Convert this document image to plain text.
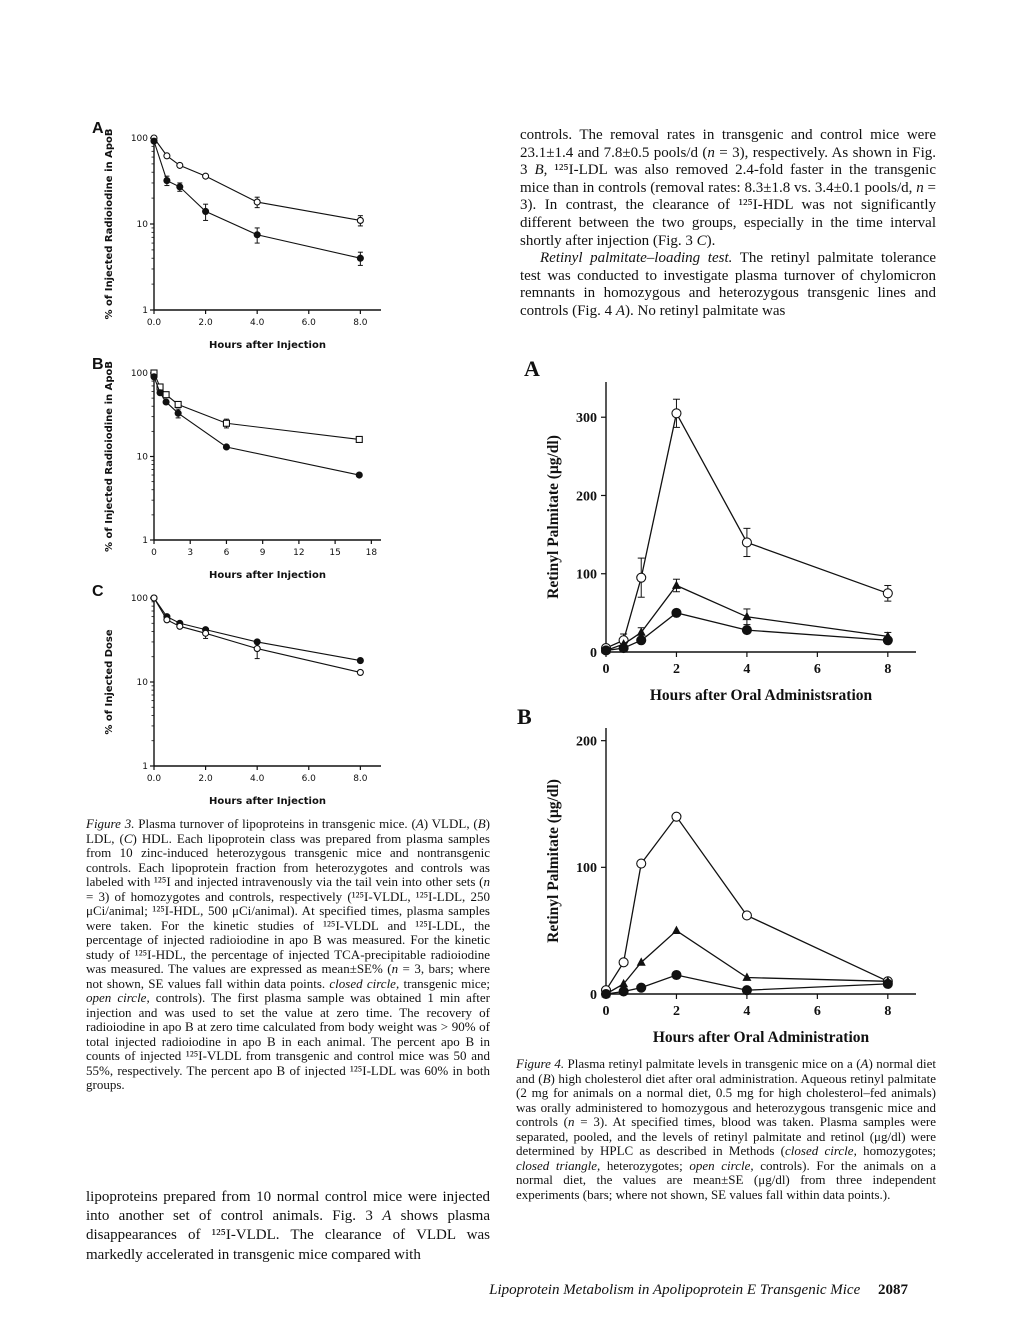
A
0.0	2.0	4.0	6.0	8.0
100
10
1
Hours after Injection
% of Injected Radioiodine in ApoB
B
0	3	6	9	12	15	18
100
10
1
Hours after Injection
% of Injected Radioiodine in ApoB
C
0.0	2.0	4.0	6.0	8.0
100
10
1
Hours after Injection
% of Injected Dose

Figure 3. Plasma turnover of lipoproteins in transgenic mice. (A) VLDL, (B) LDL, (C) HDL. Each lipoprotein class was prepared from plasma samples from 10 zinc-induced heterozygous transgenic mice and nontransgenic controls. Each lipoprotein fraction from heterozygotes and controls was labeled with ¹²⁵I and injected intravenously via the tail vein into other sets (n = 3) of homozygotes and controls, respectively (¹²⁵I-VLDL, ¹²⁵I-LDL, 250 μCi/animal; ¹²⁵I-HDL, 500 μCi/animal). At specified times, plasma samples were taken. For the kinetic studies of ¹²⁵I-VLDL and ¹²⁵I-LDL, the percentage of injected radioiodine in apo B was measured. For the kinetic study of ¹²⁵I-HDL, the percentage of injected TCA-precipitable radioiodine was measured. The values are expressed as mean±SE% (n = 3, bars; where not shown, SE values fall within data points. closed circle, transgenic mice; open circle, controls). The first plasma sample was obtained 1 min after injection and was used to set the value at zero time. The recovery of radioiodine in apo B at zero time calculated from body weight was > 90% of total injected radioiodine in apo B in each animal. The percent apo B in counts of injected ¹²⁵I-VLDL from transgenic and control mice was 50 and 55%, respectively. The percent apo B of injected ¹²⁵I-LDL was 60% in both groups.

lipoproteins prepared from 10 normal control mice were injected into another set of control animals. Fig. 3 A shows plasma disappearances of ¹²⁵I-VLDL. The clearance of VLDL was markedly accelerated in transgenic mice compared with

controls. The removal rates in transgenic and control mice were 23.1±1.4 and 7.8±0.5 pools/d (n = 3), respectively. As shown in Fig. 3 B, ¹²⁵I-LDL was also removed 2.4-fold faster in the transgenic mice than in controls (removal rates: 8.3±1.8 vs. 3.4±0.1 pools/d, n = 3). In contrast, the clearance of ¹²⁵I-HDL was not significantly different between the two groups, especially in the time interval shortly after injection (Fig. 3 C).

Retinyl palmitate–loading test. The retinyl palmitate tolerance test was conducted to investigate plasma turnover of chylomicron remnants in homozygous and heterozygous transgenic lines and controls (Fig. 4 A). No retinyl palmitate was

A
0	2	4	6	8
300
200
100
0
Hours after Oral Administsration
Retinyl Palmitate (μg/dl)
B
0	2	4	6	8
200
100
0
Hours after Oral Administration
Retinyl Palmitate (μg/dl)

Figure 4. Plasma retinyl palmitate levels in transgenic mice on a (A) normal diet and (B) high cholesterol diet after oral administration. Aqueous retinyl palmitate (2 mg for animals on a normal diet, 0.5 mg for high cholesterol–fed animals) was orally administered to homozygous and heterozygous transgenic mice and controls (n = 3). At specified times, blood was taken. Plasma samples were separated, pooled, and the levels of retinyl palmitate and retinol (μg/dl) were determined by HPLC as described in Methods (closed circle, homozygotes; closed triangle, heterozygotes; open circle, controls). For the animals on a normal diet, the values are mean±SE (μg/dl) from three independent experiments (bars; where not shown, SE values fall within data points.).

Lipoprotein Metabolism in Apolipoprotein E Transgenic Mice 2087
